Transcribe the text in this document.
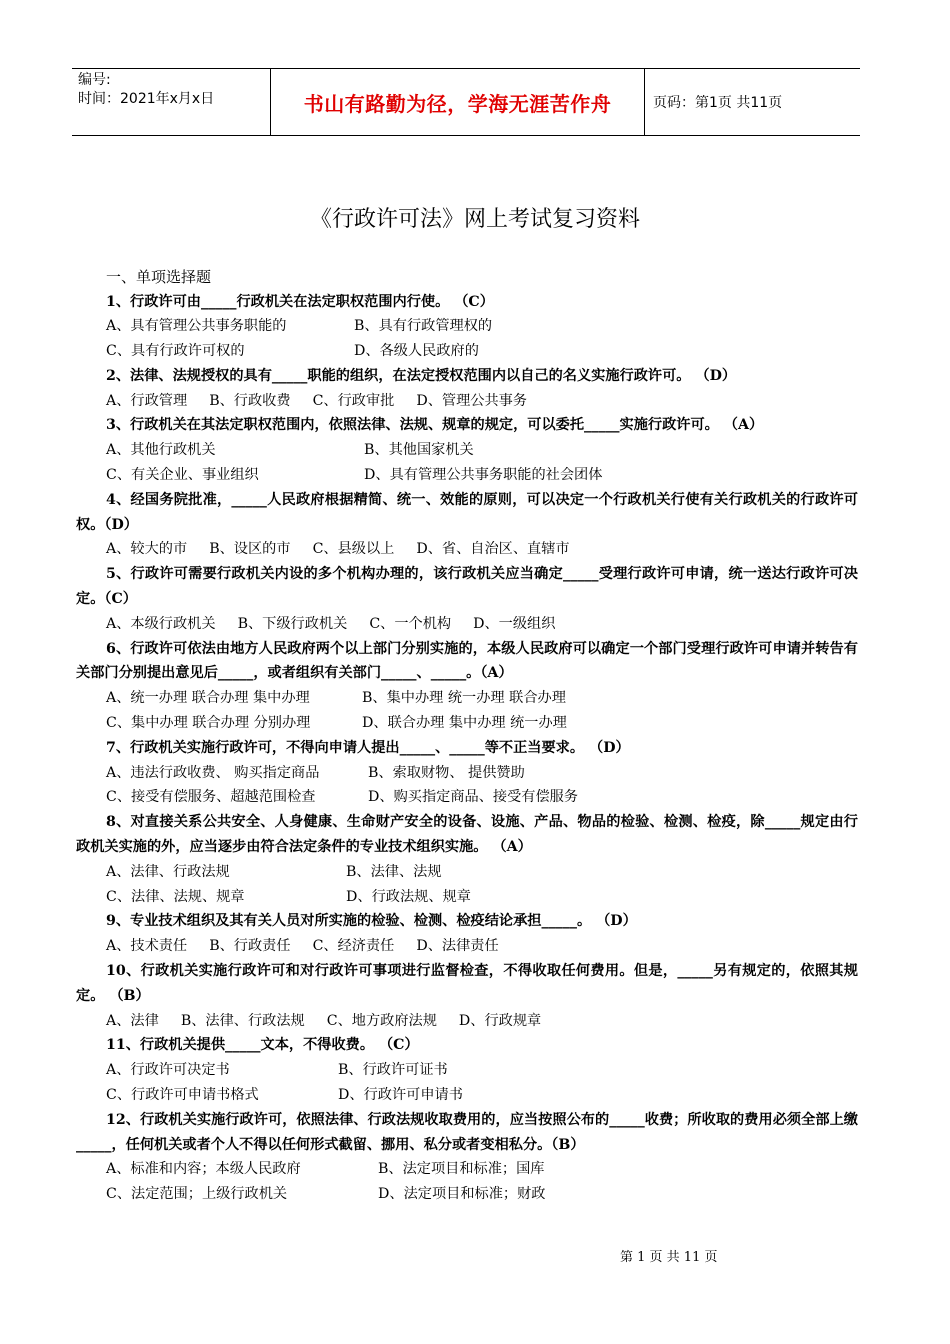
编号:
时间：2021年x月x日	书山有路勤为径，学海无涯苦作舟	页码：第1页 共11页
《行政许可法》网上考试复习资料
一、单项选择题
1、行政许可由_____行政机关在法定职权范围内行使。 （C）
A、具有管理公共事务职能的	B、具有行政管理权的
C、具有行政许可权的	D、各级人民政府的
2、法律、法规授权的具有_____职能的组织，在法定授权范围内以自己的名义实施行政许可。 （D）
A、行政管理 B、行政收费 C、行政审批 D、管理公共事务
3、行政机关在其法定职权范围内，依照法律、法规、规章的规定，可以委托_____实施行政许可。 （A）
A、其他行政机关	B、其他国家机关
C、有关企业、事业组织	D、具有管理公共事务职能的社会团体
4、经国务院批准，_____人民政府根据精简、统一、效能的原则，可以决定一个行政机关行使有关行政机关的行政许可权。（D）
A、较大的市 B、设区的市 C、县级以上 D、省、自治区、直辖市
5、行政许可需要行政机关内设的多个机构办理的，该行政机关应当确定_____受理行政许可申请，统一送达行政许可决定。（C）
A、本级行政机关 B、下级行政机关 C、一个机构 D、一级组织
6、行政许可依法由地方人民政府两个以上部门分别实施的，本级人民政府可以确定一个部门受理行政许可申请并转告有关部门分别提出意见后_____，或者组织有关部门_____、_____。（A）
A、统一办理 联合办理 集中办理	B、集中办理 统一办理 联合办理
C、集中办理 联合办理 分别办理	D、联合办理 集中办理 统一办理
7、行政机关实施行政许可，不得向申请人提出_____、_____等不正当要求。 （D）
A、违法行政收费、 购买指定商品	B、索取财物、 提供赞助
C、接受有偿服务、超越范围检查	D、购买指定商品、接受有偿服务
8、对直接关系公共安全、人身健康、生命财产安全的设备、设施、产品、物品的检验、检测、检疫，除_____规定由行政机关实施的外，应当逐步由符合法定条件的专业技术组织实施。 （A）
A、法律、行政法规	B、法律、法规
C、法律、法规、规章	D、行政法规、规章
9、专业技术组织及其有关人员对所实施的检验、检测、检疫结论承担_____。 （D）
A、技术责任 B、行政责任 C、经济责任 D、法律责任
10、行政机关实施行政许可和对行政许可事项进行监督检查，不得收取任何费用。但是，_____另有规定的，依照其规定。 （B）
A、法律 B、法律、行政法规 C、地方政府法规 D、行政规章
11、行政机关提供_____文本，不得收费。 （C）
A、行政许可决定书	B、行政许可证书
C、行政许可申请书格式	D、行政许可申请书
12、行政机关实施行政许可，依照法律、行政法规收取费用的，应当按照公布的_____收费；所收取的费用必须全部上缴_____，任何机关或者个人不得以任何形式截留、挪用、私分或者变相私分。（B）
A、标准和内容；本级人民政府	B、法定项目和标准；国库
C、法定范围；上级行政机关	D、法定项目和标准；财政
第 1 页 共 11 页
